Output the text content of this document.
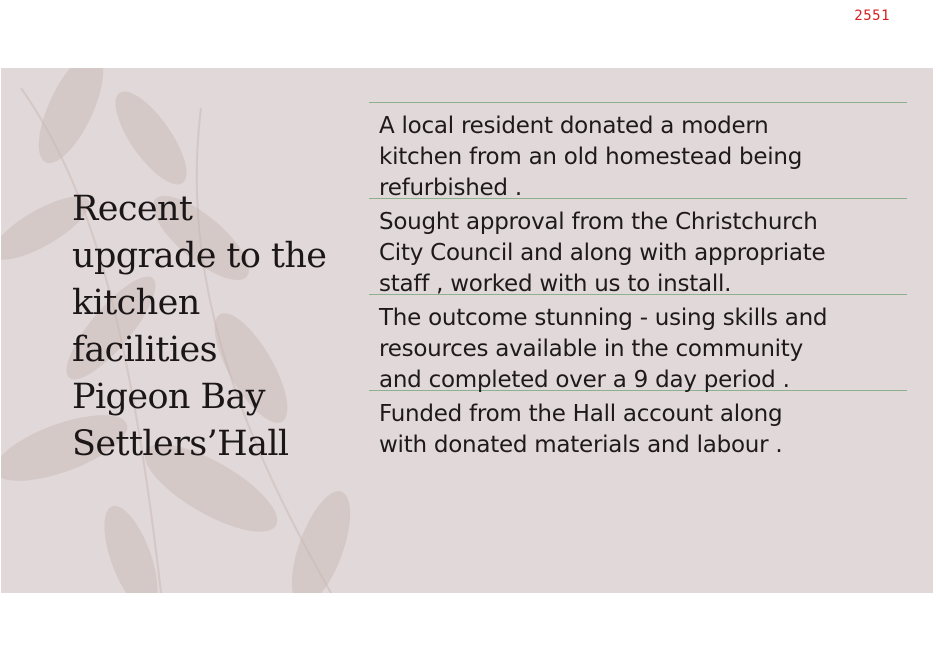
2551
Recent
upgrade to the
kitchen
facilities
Pigeon Bay
Settlers’Hall
A local resident donated a modern
kitchen from an old homestead being
refurbished .
Sought approval from the Christchurch
City Council and along with appropriate
staff , worked with us to install.
The outcome stunning - using skills and
resources available in the community
and completed over a 9 day period .
Funded from the Hall account along
with donated materials and labour .
